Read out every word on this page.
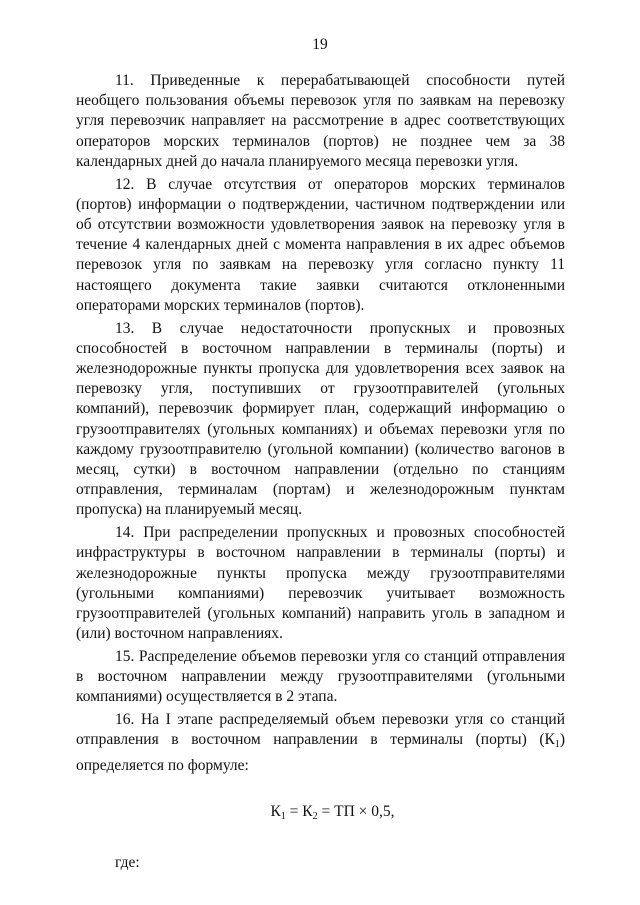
19

11. Приведенные к перерабатывающей способности путей необщего пользования объемы перевозок угля по заявкам на перевозку угля перевозчик направляет на рассмотрение в адрес соответствующих операторов морских терминалов (портов) не позднее чем за 38 календарных дней до начала планируемого месяца перевозки угля.

12. В случае отсутствия от операторов морских терминалов (портов) информации о подтверждении, частичном подтверждении или об отсутствии возможности удовлетворения заявок на перевозку угля в течение 4 календарных дней с момента направления в их адрес объемов перевозок угля по заявкам на перевозку угля согласно пункту 11 настоящего документа такие заявки считаются отклоненными операторами морских терминалов (портов).

13. В случае недостаточности пропускных и провозных способностей в восточном направлении в терминалы (порты) и железнодорожные пункты пропуска для удовлетворения всех заявок на перевозку угля, поступивших от грузоотправителей (угольных компаний), перевозчик формирует план, содержащий информацию о грузоотправителях (угольных компаниях) и объемах перевозки угля по каждому грузоотправителю (угольной компании) (количество вагонов в месяц, сутки) в восточном направлении (отдельно по станциям отправления, терминалам (портам) и железнодорожным пунктам пропуска) на планируемый месяц.

14. При распределении пропускных и провозных способностей инфраструктуры в восточном направлении в терминалы (порты) и железнодорожные пункты пропуска между грузоотправителями (угольными компаниями) перевозчик учитывает возможность грузоотправителей (угольных компаний) направить уголь в западном и (или) восточном направлениях.

15. Распределение объемов перевозки угля со станций отправления в восточном направлении между грузоотправителями (угольными компаниями) осуществляется в 2 этапа.

16. На I этапе распределяемый объем перевозки угля со станций отправления в восточном направлении в терминалы (порты) $(К_1)$ определяется по формуле:

$К_1 = К_2$ = ТП × 0,5,

где:
